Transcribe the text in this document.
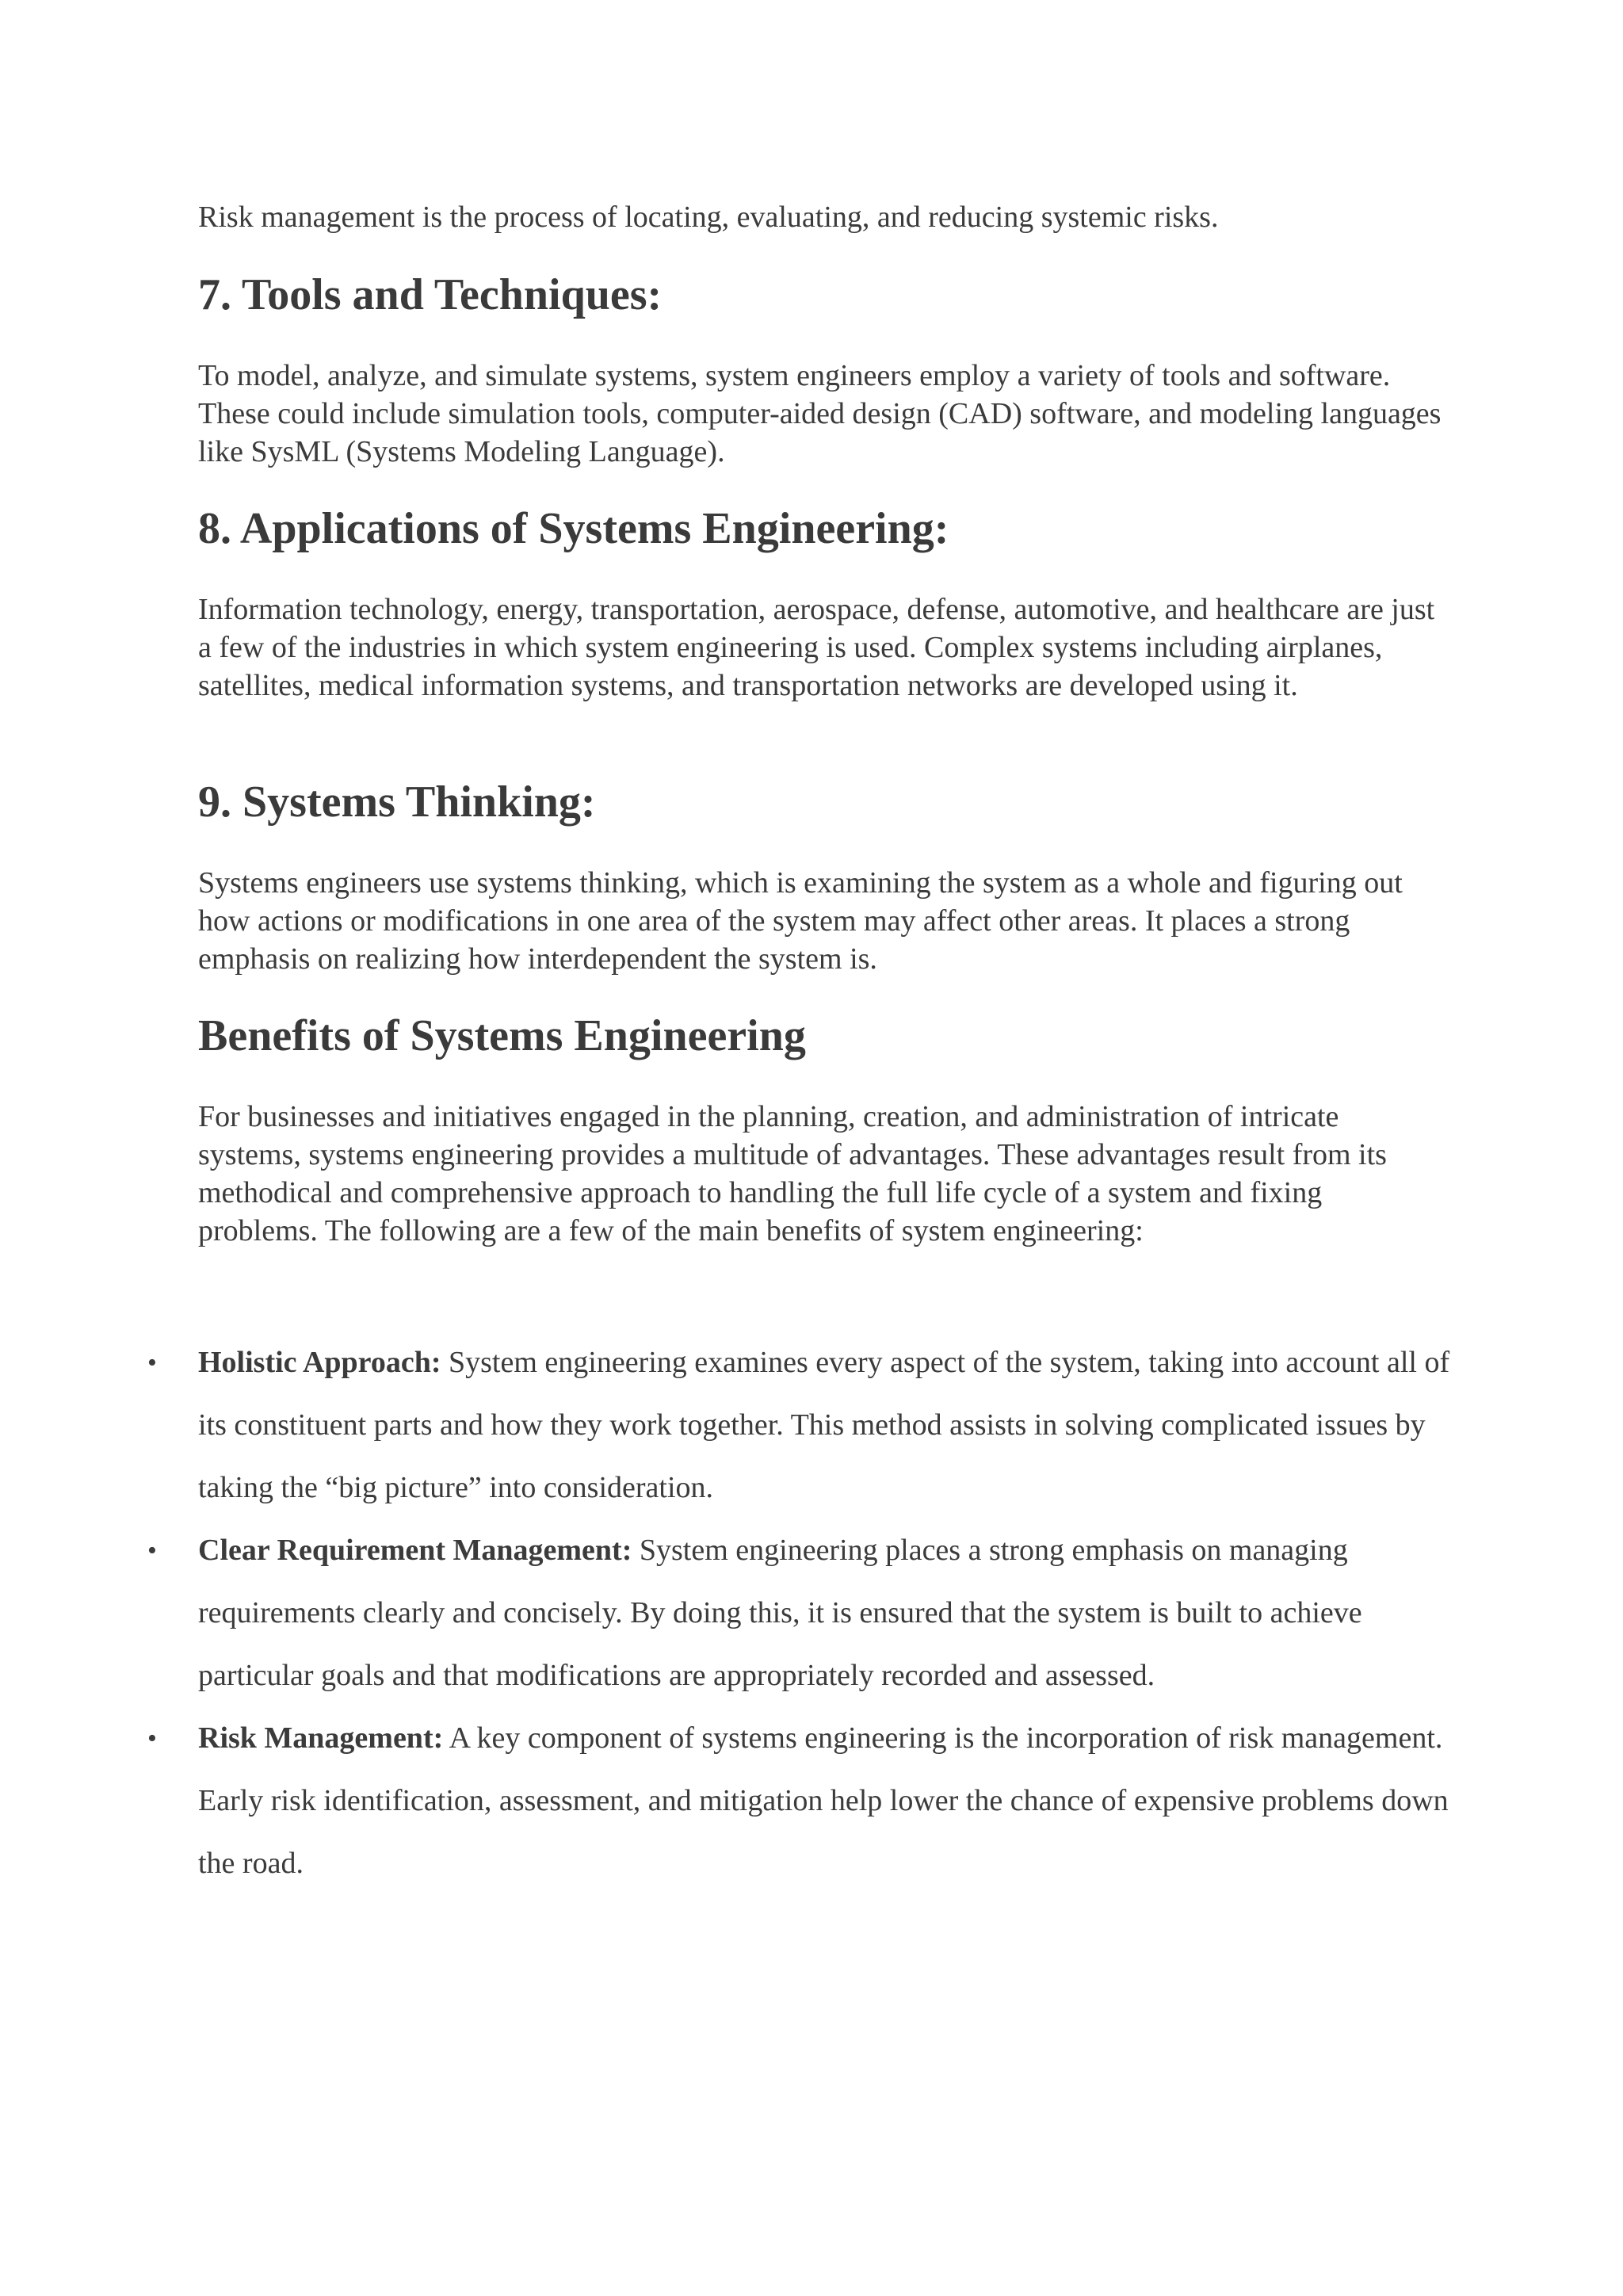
Risk management is the process of locating, evaluating, and reducing systemic risks.

7. Tools and Techniques:

To model, analyze, and simulate systems, system engineers employ a variety of tools and software. These could include simulation tools, computer-aided design (CAD) software, and modeling languages like SysML (Systems Modeling Language).

8. Applications of Systems Engineering:

Information technology, energy, transportation, aerospace, defense, automotive, and healthcare are just a few of the industries in which system engineering is used. Complex systems including airplanes, satellites, medical information systems, and transportation networks are developed using it.

9. Systems Thinking:

Systems engineers use systems thinking, which is examining the system as a whole and figuring out how actions or modifications in one area of the system may affect other areas. It places a strong emphasis on realizing how interdependent the system is.

Benefits of Systems Engineering

For businesses and initiatives engaged in the planning, creation, and administration of intricate systems, systems engineering provides a multitude of advantages. These advantages result from its methodical and comprehensive approach to handling the full life cycle of a system and fixing problems. The following are a few of the main benefits of system engineering:

• Holistic Approach: System engineering examines every aspect of the system, taking into account all of its constituent parts and how they work together. This method assists in solving complicated issues by taking the “big picture” into consideration.
• Clear Requirement Management: System engineering places a strong emphasis on managing requirements clearly and concisely. By doing this, it is ensured that the system is built to achieve particular goals and that modifications are appropriately recorded and assessed.
• Risk Management: A key component of systems engineering is the incorporation of risk management. Early risk identification, assessment, and mitigation help lower the chance of expensive problems down the road.
